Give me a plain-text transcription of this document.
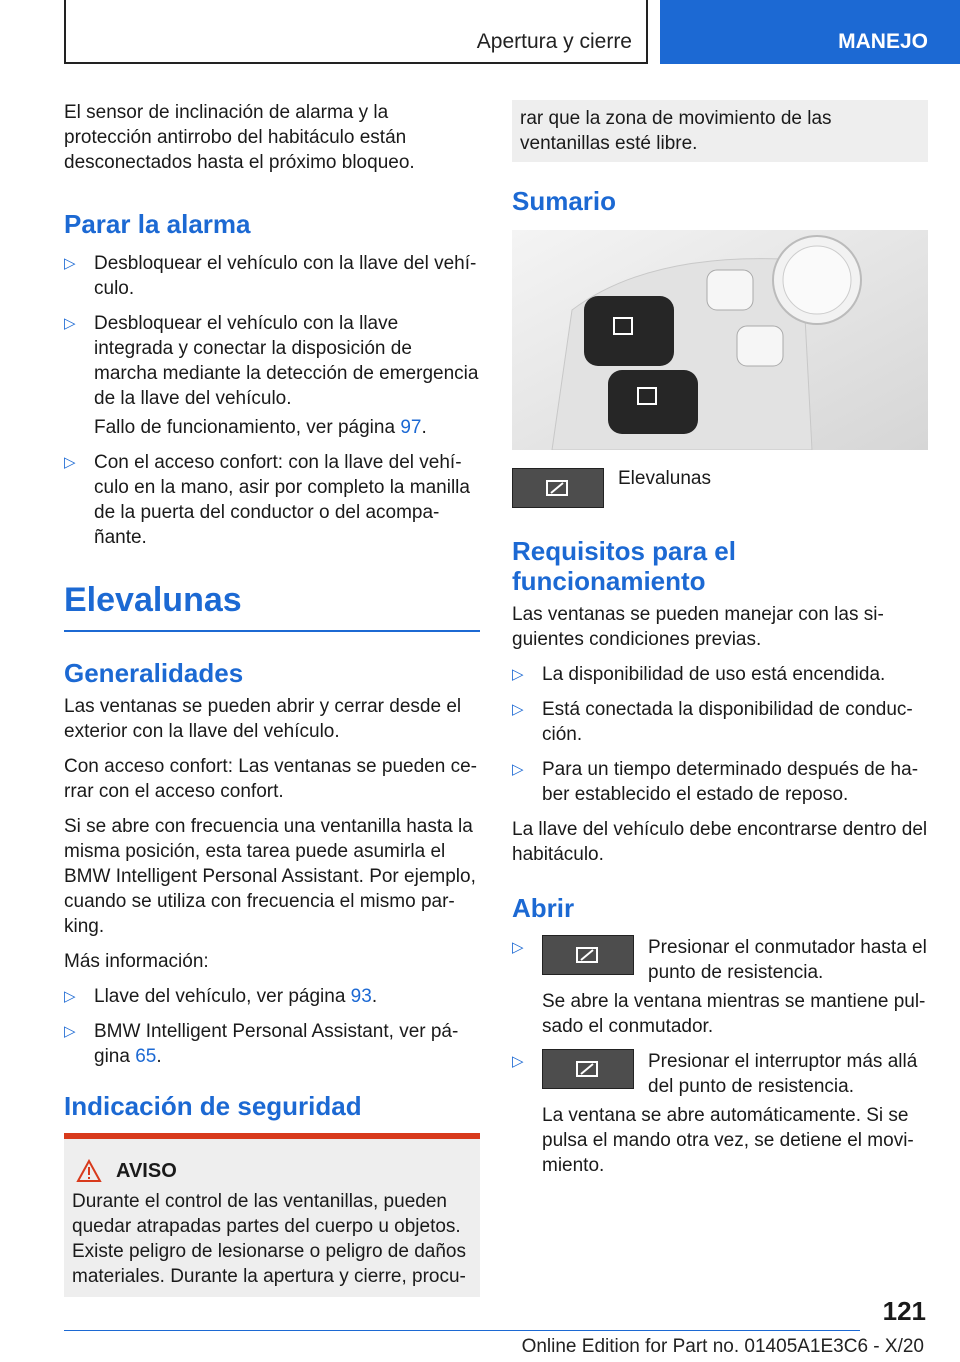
Apertura y cierre	MANEJO

El sensor de inclinación de alarma y la protección antirrobo del habitáculo están desconectados hasta el próximo bloqueo.

Parar la alarma
▷ Desbloquear el vehículo con la llave del vehí-culo.
▷ Desbloquear el vehículo con la llave integrada y conectar la disposición de marcha mediante la detección de emergencia de la llave del vehículo.

Fallo de funcionamiento, ver página 97.

▷ Con el acceso confort: con la llave del vehí-culo en la mano, asir por completo la manilla de la puerta del conductor o del acompa-ñante.
Elevalunas
Generalidades

Las ventanas se pueden abrir y cerrar desde el exterior con la llave del vehículo.

Con acceso confort: Las ventanas se pueden ce-rrar con el acceso confort.

Si se abre con frecuencia una ventanilla hasta la misma posición, esta tarea puede asumirla el BMW Intelligent Personal Assistant. Por ejemplo, cuando se utiliza con frecuencia el mismo par-king.

Más información:

▷ Llave del vehículo, ver página 93.
▷ BMW Intelligent Personal Assistant, ver pá-gina 65.
Indicación de seguridad
AVISO

Durante el control de las ventanillas, pueden quedar atrapadas partes del cuerpo u objetos. Existe peligro de lesionarse o peligro de daños materiales. Durante la apertura y cierre, procu-

rar que la zona de movimiento de las ventanillas esté libre.

Sumario
Elevalunas
Requisitos para el funcionamiento

Las ventanas se pueden manejar con las si-guientes condiciones previas.

▷ La disponibilidad de uso está encendida.
▷ Está conectada la disponibilidad de conduc-ción.
▷ Para un tiempo determinado después de ha-ber establecido el estado de reposo.

La llave del vehículo debe encontrarse dentro del habitáculo.

Abrir
▷	Presionar el conmutador hasta el punto de resistencia.

Se abre la ventana mientras se mantiene pul-sado el conmutador.

▷	Presionar el interruptor más allá del punto de resistencia.

La ventana se abre automáticamente. Si se pulsa el mando otra vez, se detiene el movi-miento.

121
Online Edition for Part no. 01405A1E3C6 - X/20
